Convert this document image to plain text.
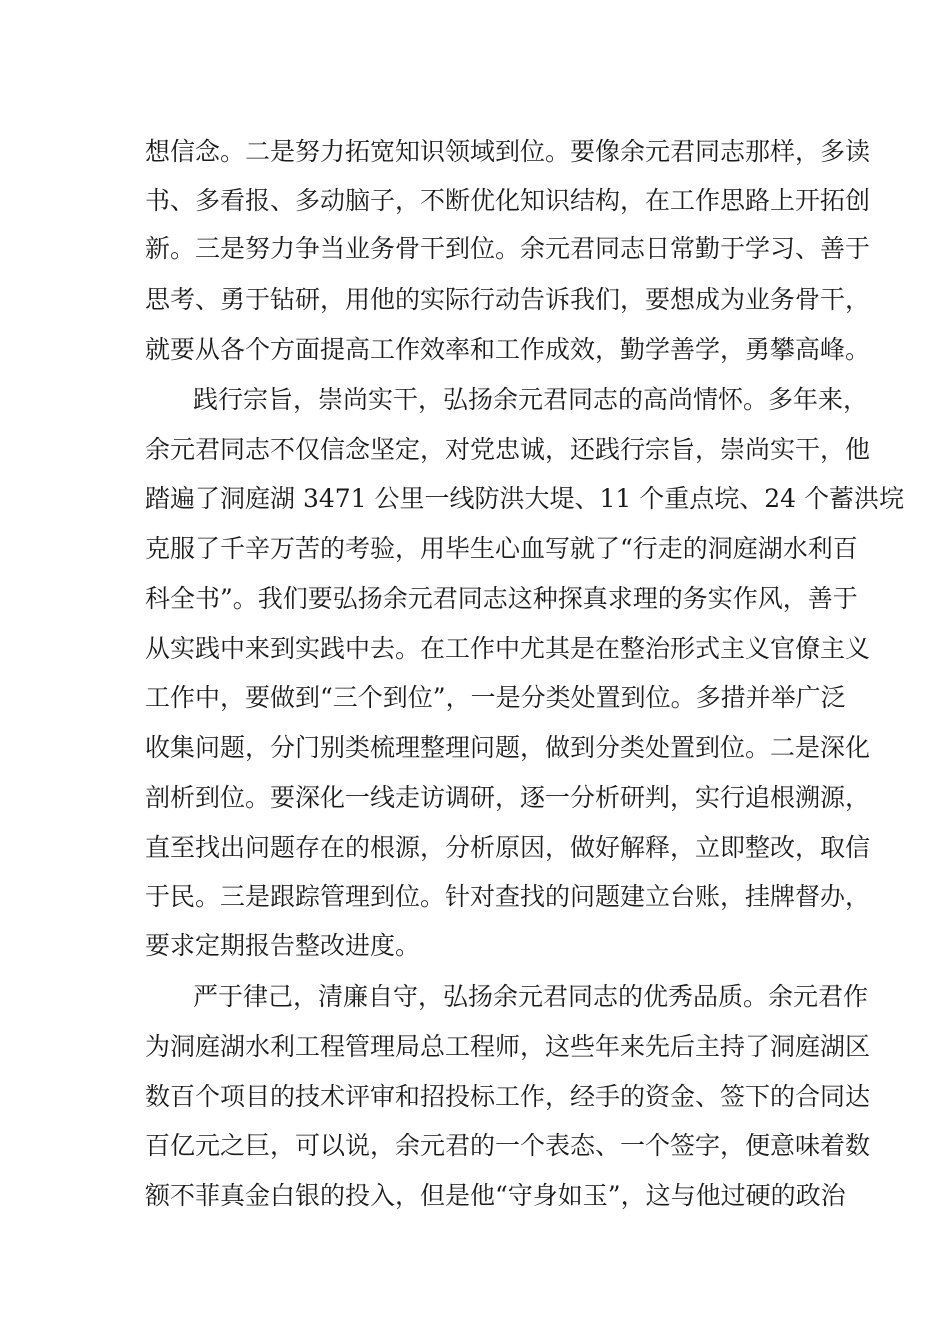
想信念。二是努力拓宽知识领域到位。要像余元君同志那样，多读
书、多看报、多动脑子，不断优化知识结构，在工作思路上开拓创
新。三是努力争当业务骨干到位。余元君同志日常勤于学习、善于
思考、勇于钻研，用他的实际行动告诉我们，要想成为业务骨干，
就要从各个方面提高工作效率和工作成效，勤学善学，勇攀高峰。
践行宗旨，崇尚实干，弘扬余元君同志的高尚情怀。多年来，
余元君同志不仅信念坚定，对党忠诚，还践行宗旨，崇尚实干，他
踏遍了洞庭湖 3471 公里一线防洪大堤、11 个重点垸、24 个蓄洪垸
克服了千辛万苦的考验，用毕生心血写就了“行走的洞庭湖水利百
科全书”。我们要弘扬余元君同志这种探真求理的务实作风，善于
从实践中来到实践中去。在工作中尤其是在整治形式主义官僚主义
工作中，要做到“三个到位”，一是分类处置到位。多措并举广泛
收集问题，分门别类梳理整理问题，做到分类处置到位。二是深化
剖析到位。要深化一线走访调研，逐一分析研判，实行追根溯源，
直至找出问题存在的根源，分析原因，做好解释，立即整改，取信
于民。三是跟踪管理到位。针对查找的问题建立台账，挂牌督办，
要求定期报告整改进度。
严于律己，清廉自守，弘扬余元君同志的优秀品质。余元君作
为洞庭湖水利工程管理局总工程师，这些年来先后主持了洞庭湖区
数百个项目的技术评审和招投标工作，经手的资金、签下的合同达
百亿元之巨，可以说，余元君的一个表态、一个签字，便意味着数
额不菲真金白银的投入，但是他“守身如玉”，这与他过硬的政治
